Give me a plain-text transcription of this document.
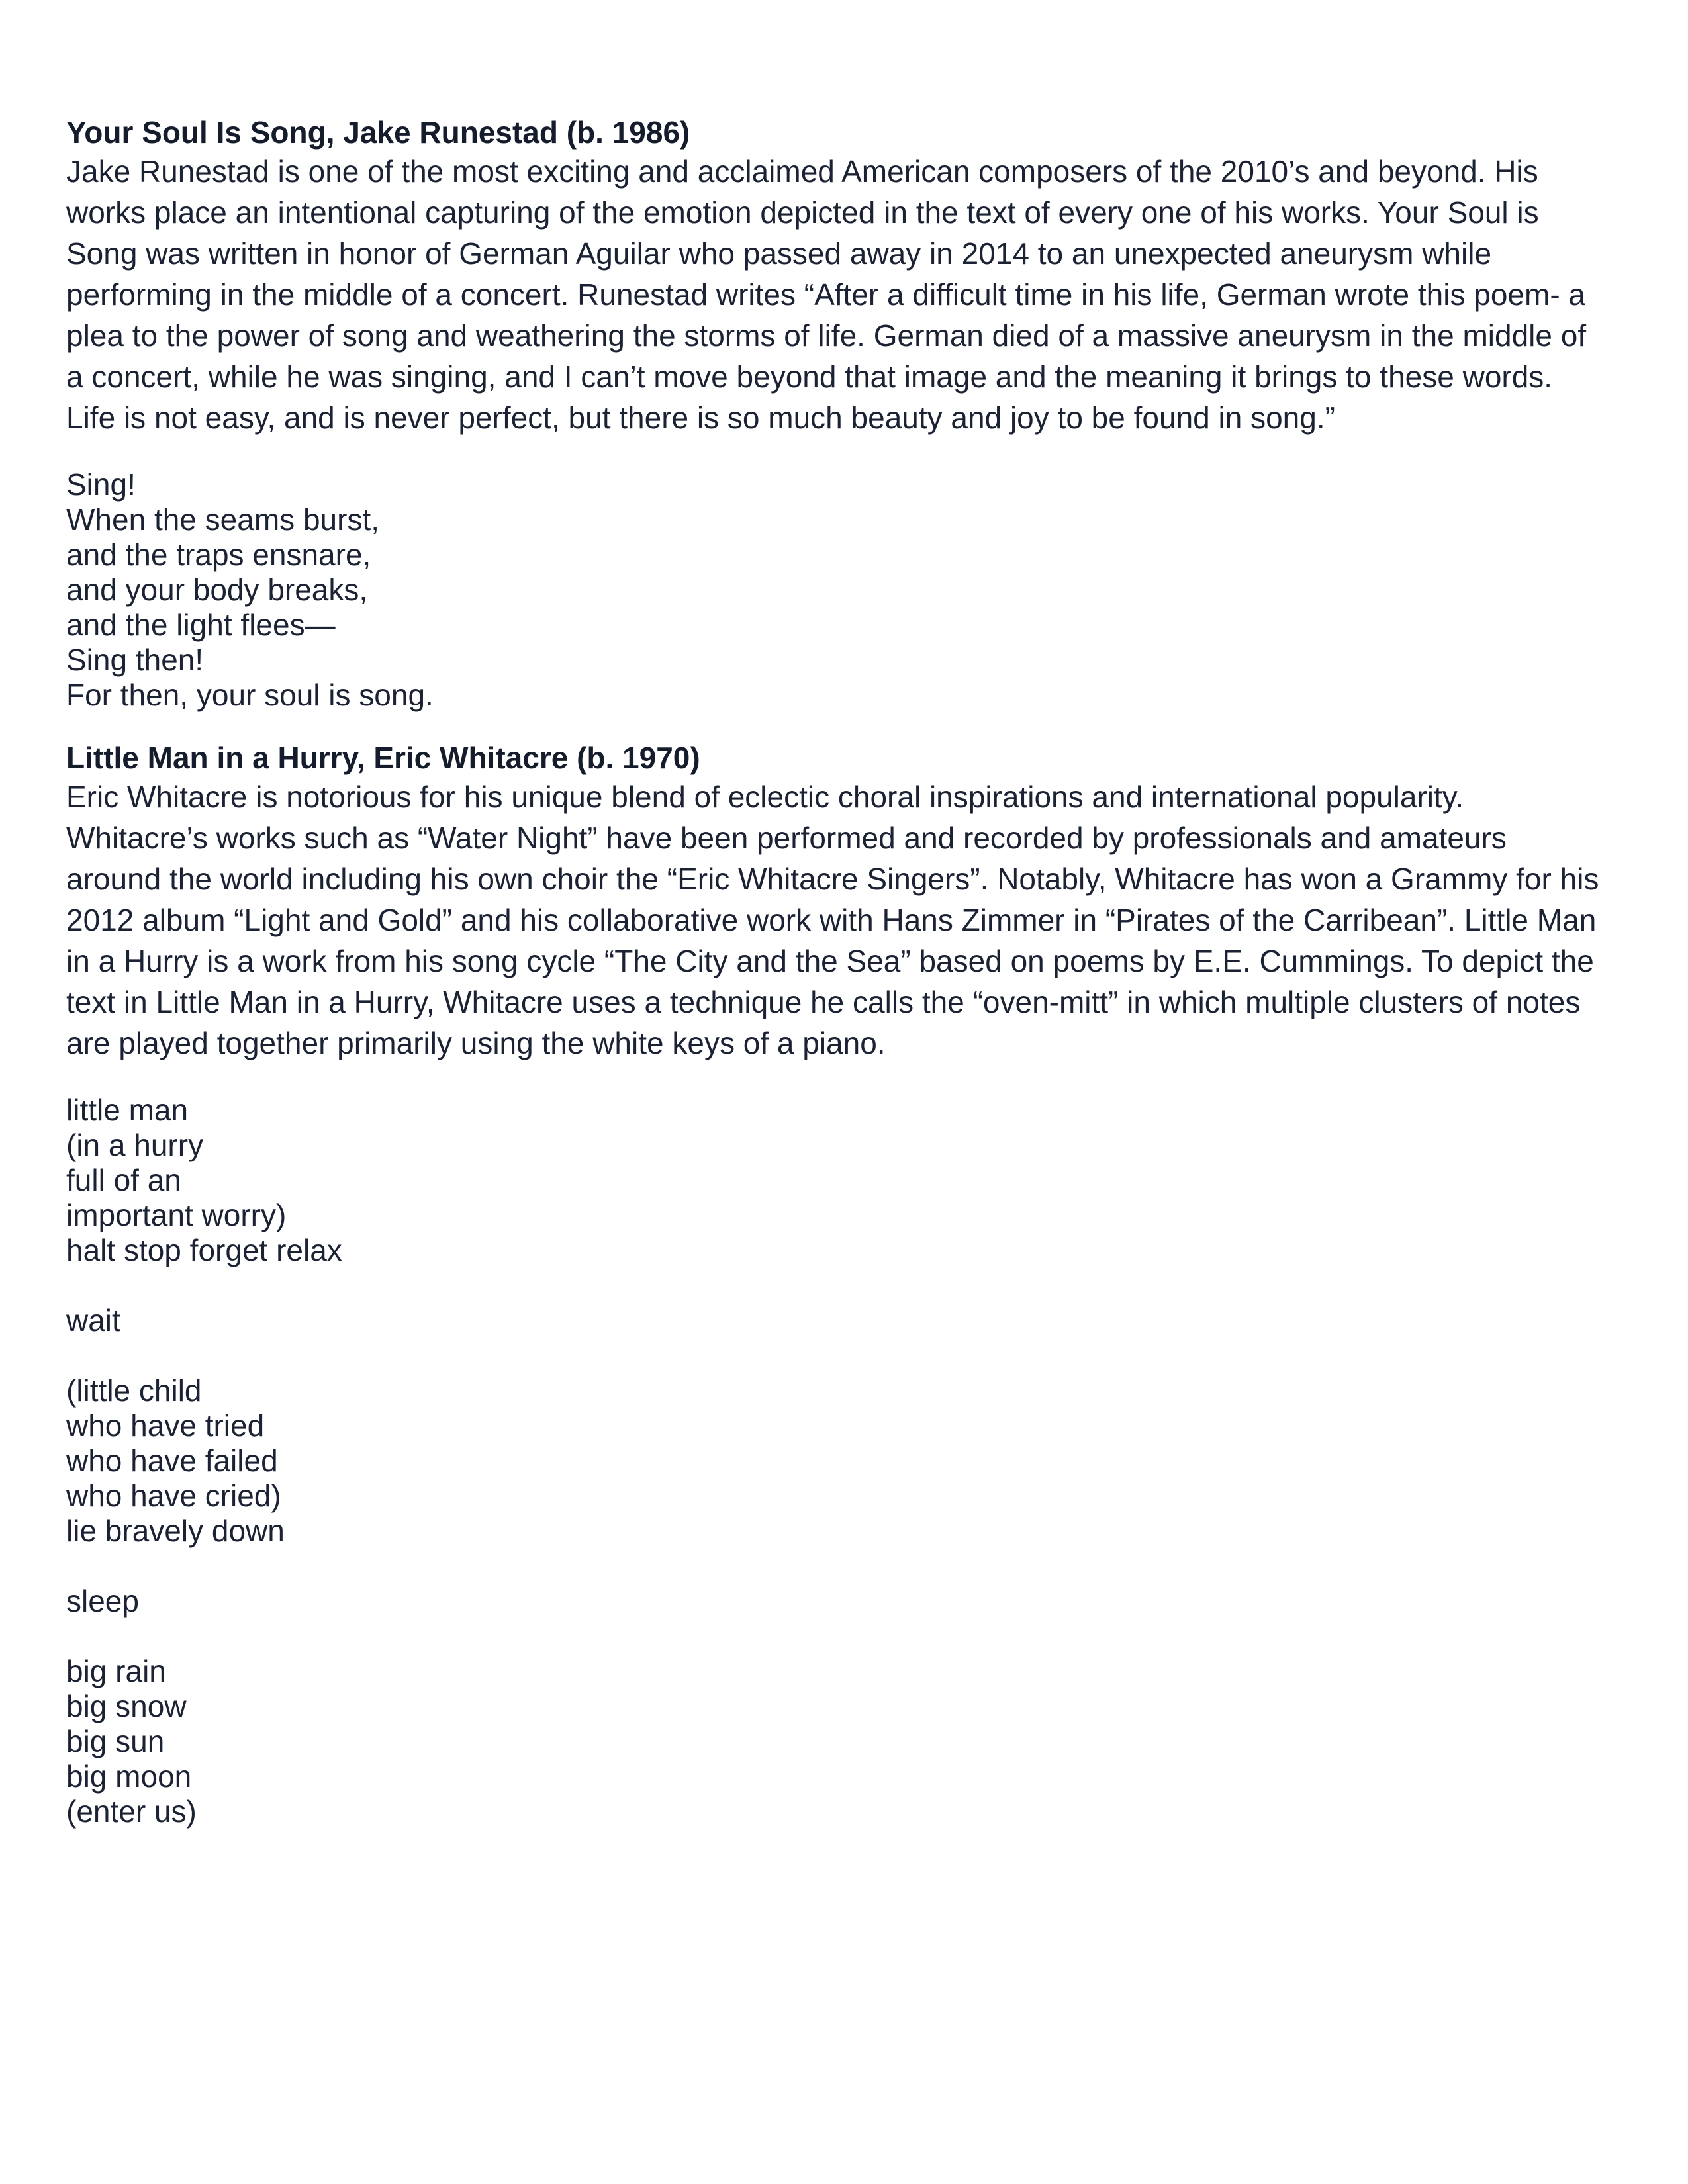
Your Soul Is Song, Jake Runestad (b. 1986)

Jake Runestad is one of the most exciting and acclaimed American composers of the 2010’s and beyond. His works place an intentional capturing of the emotion depicted in the text of every one of his works. Your Soul is Song was written in honor of German Aguilar who passed away in 2014 to an unexpected aneurysm while performing in the middle of a concert. Runestad writes “After a difficult time in his life, German wrote this poem- a plea to the power of song and weathering the storms of life. German died of a massive aneurysm in the middle of a concert, while he was singing, and I can’t move beyond that image and the meaning it brings to these words. Life is not easy, and is never perfect, but there is so much beauty and joy to be found in song.”

Sing!
When the seams burst,
and the traps ensnare,
and your body breaks,
and the light flees—
Sing then!
For then, your soul is song.
Little Man in a Hurry, Eric Whitacre (b. 1970)

Eric Whitacre is notorious for his unique blend of eclectic choral inspirations and international popularity. Whitacre’s works such as “Water Night” have been performed and recorded by professionals and amateurs around the world including his own choir the “Eric Whitacre Singers”. Notably, Whitacre has won a Grammy for his 2012 album “Light and Gold” and his collaborative work with Hans Zimmer in “Pirates of the Carribean”. Little Man in a Hurry is a work from his song cycle “The City and the Sea” based on poems by E.E. Cummings. To depict the text in Little Man in a Hurry, Whitacre uses a technique he calls the “oven-mitt” in which multiple clusters of notes are played together primarily using the white keys of a piano.

little man
(in a hurry
full of an
important worry)
halt stop forget relax
wait
(little child
who have tried
who have failed
who have cried)
lie bravely down
sleep
big rain
big snow
big sun
big moon
(enter us)
